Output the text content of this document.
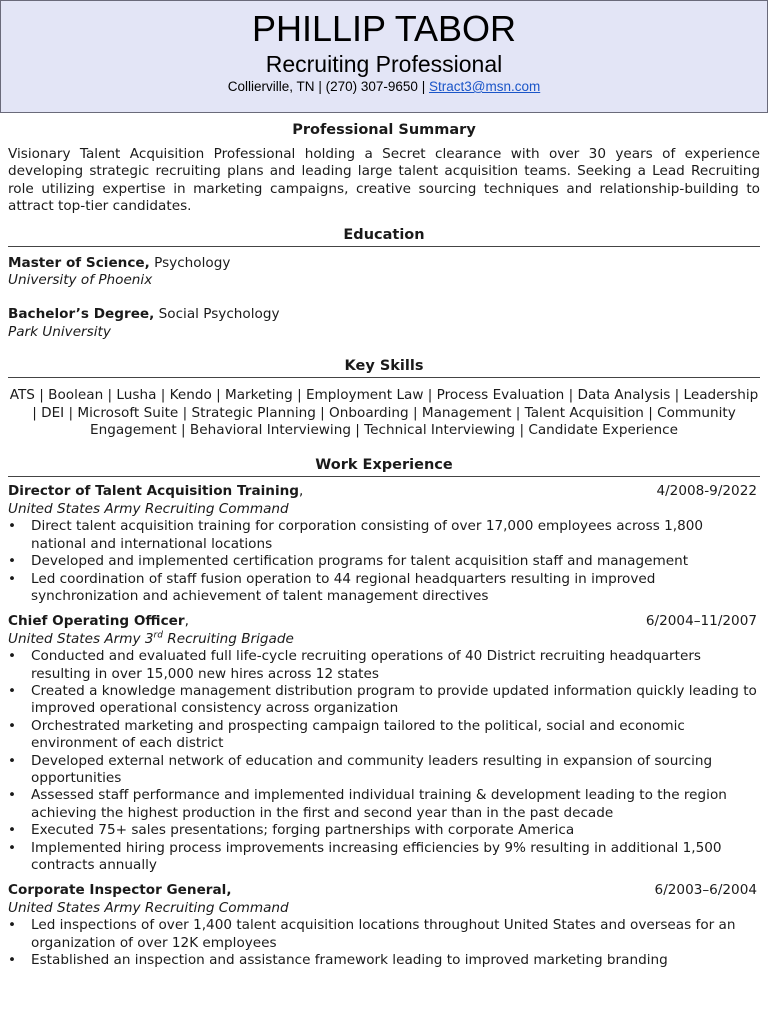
PHILLIP TABOR
Recruiting Professional
Collierville, TN | (270) 307-9650 | Stract3@msn.com
Professional Summary

Visionary Talent Acquisition Professional holding a Secret clearance with over 30 years of experience developing strategic recruiting plans and leading large talent acquisition teams. Seeking a Lead Recruiting role utilizing expertise in marketing campaigns, creative sourcing techniques and relationship-building to attract top-tier candidates.

Education
Master of Science, Psychology
University of Phoenix
Bachelor’s Degree, Social Psychology
Park University
Key Skills

ATS | Boolean | Lusha | Kendo | Marketing | Employment Law | Process Evaluation | Data Analysis | Leadership | DEI | Microsoft Suite | Strategic Planning | Onboarding | Management | Talent Acquisition | Community Engagement | Behavioral Interviewing | Technical Interviewing | Candidate Experience

Work Experience
Director of Talent Acquisition Training,	4/2008-9/2022
United States Army Recruiting Command
• Direct talent acquisition training for corporation consisting of over 17,000 employees across 1,800 national and international locations
• Developed and implemented certification programs for talent acquisition staff and management
• Led coordination of staff fusion operation to 44 regional headquarters resulting in improved synchronization and achievement of talent management directives
Chief Operating Officer,	6/2004–11/2007
United States Army 3rd Recruiting Brigade
• Conducted and evaluated full life-cycle recruiting operations of 40 District recruiting headquarters resulting in over 15,000 new hires across 12 states
• Created a knowledge management distribution program to provide updated information quickly leading to improved operational consistency across organization
• Orchestrated marketing and prospecting campaign tailored to the political, social and economic environment of each district
• Developed external network of education and community leaders resulting in expansion of sourcing opportunities
• Assessed staff performance and implemented individual training & development leading to the region achieving the highest production in the first and second year than in the past decade
• Executed 75+ sales presentations; forging partnerships with corporate America
• Implemented hiring process improvements increasing efficiencies by 9% resulting in additional 1,500 contracts annually
Corporate Inspector General,	6/2003–6/2004
United States Army Recruiting Command
• Led inspections of over 1,400 talent acquisition locations throughout United States and overseas for an organization of over 12K employees
• Established an inspection and assistance framework leading to improved marketing branding
